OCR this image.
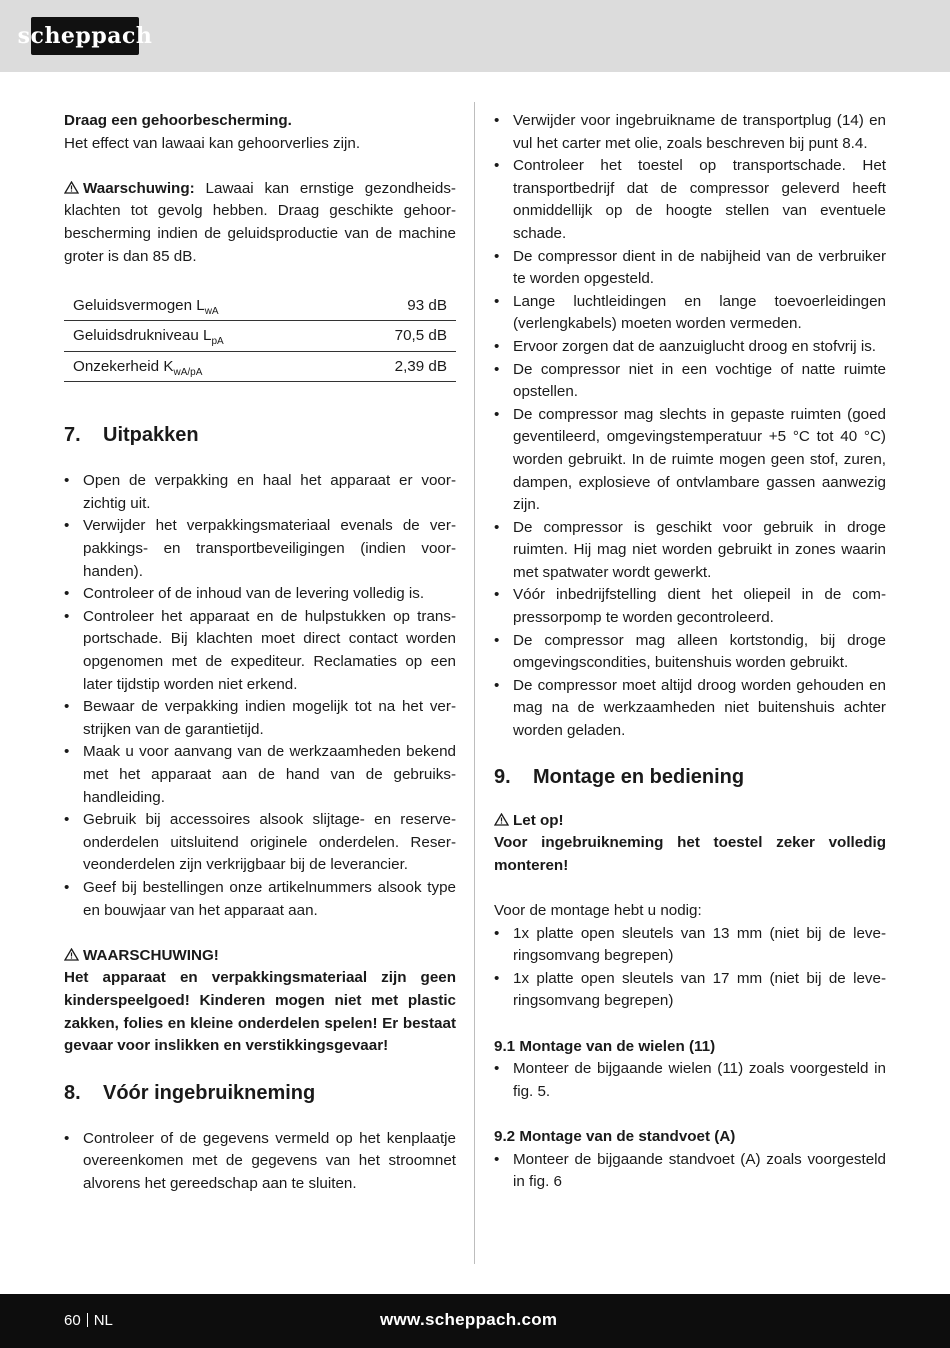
scheppach

Draag een gehoorbescherming.

Het effect van lawaai kan gehoorverlies zijn.

Waarschuwing: Lawaai kan ernstige gezondheidsklachten tot gevolg hebben. Draag geschikte gehoorbescherming indien de geluidsproductie van de machine groter is dan 85 dB.

Geluidsvermogen $L_{wA}$	93 dB
Geluidsdrukniveau $L_{pA}$	70,5 dB
Onzekerheid $K_{wA/pA}$	2,39 dB
7.	Uitpakken
• Open de verpakking en haal het apparaat er voorzichtig uit.
• Verwijder het verpakkingsmateriaal evenals de verpakkings- en transportbeveiligingen (indien voorhanden).
• Controleer of de inhoud van de levering volledig is.
• Controleer het apparaat en de hulpstukken op transportschade. Bij klachten moet direct contact worden opgenomen met de expediteur. Reclamaties op een later tijdstip worden niet erkend.
• Bewaar de verpakking indien mogelijk tot na het verstrijken van de garantietijd.
• Maak u voor aanvang van de werkzaamheden bekend met het apparaat aan de hand van de gebruikshandleiding.
• Gebruik bij accessoires alsook slijtage- en reserveonderdelen uitsluitend originele onderdelen. Reserveonderdelen zijn verkrijgbaar bij de leverancier.
• Geef bij bestellingen onze artikelnummers alsook type en bouwjaar van het apparaat aan.

WAARSCHUWING!

Het apparaat en verpakkingsmateriaal zijn geen kinderspeelgoed! Kinderen mogen niet met plastic zakken, folies en kleine onderdelen spelen! Er bestaat gevaar voor inslikken en verstikkingsgevaar!

8.	Vóór ingebruikneming
• Controleer of de gegevens vermeld op het kenplaatje overeenkomen met de gegevens van het stroomnet alvorens het gereedschap aan te sluiten.
• Verwijder voor ingebruikname de transportplug (14) en vul het carter met olie, zoals beschreven bij punt 8.4.
• Controleer het toestel op transportschade. Het transportbedrijf dat de compressor geleverd heeft onmiddellijk op de hoogte stellen van eventuele schade.
• De compressor dient in de nabijheid van de verbruiker te worden opgesteld.
• Lange luchtleidingen en lange toevoerleidingen (verlengkabels) moeten worden vermeden.
• Ervoor zorgen dat de aanzuiglucht droog en stofvrij is.
• De compressor niet in een vochtige of natte ruimte opstellen.
• De compressor mag slechts in gepaste ruimten (goed geventileerd, omgevingstemperatuur +5 °C tot 40 °C) worden gebruikt. In de ruimte mogen geen stof, zuren, dampen, explosieve of ontvlambare gassen aanwezig zijn.
• De compressor is geschikt voor gebruik in droge ruimten. Hij mag niet worden gebruikt in zones waarin met spatwater wordt gewerkt.
• Vóór inbedrijfstelling dient het oliepeil in de compressorpomp te worden gecontroleerd.
• De compressor mag alleen kortstondig, bij droge omgevingscondities, buitenshuis worden gebruikt.
• De compressor moet altijd droog worden gehouden en mag na de werkzaamheden niet buitenshuis achter worden geladen.
9.	Montage en bediening

Let op!

Voor ingebruikneming het toestel zeker volledig monteren!

Voor de montage hebt u nodig:

• 1x platte open sleutels van 13 mm (niet bij de leveringsomvang begrepen)
• 1x platte open sleutels van 17 mm (niet bij de leveringsomvang begrepen)
9.1 Montage van de wielen (11)
• Monteer de bijgaande wielen (11) zoals voorgesteld in fig. 5.
9.2 Montage van de standvoet (A)
• Monteer de bijgaande standvoet (A) zoals voorgesteld in fig. 6
60 NL	www.scheppach.com
